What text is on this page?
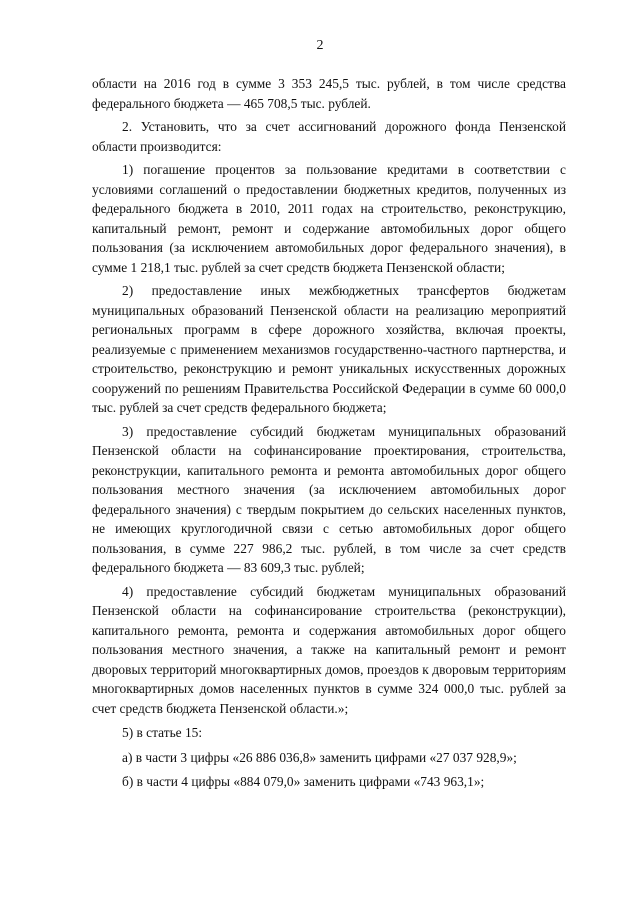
2

области на 2016 год в сумме 3 353 245,5 тыс. рублей, в том числе средства федерального бюджета — 465 708,5 тыс. рублей.

2. Установить, что за счет ассигнований дорожного фонда Пензенской области производится:

1) погашение процентов за пользование кредитами в соответствии с условиями соглашений о предоставлении бюджетных кредитов, полученных из федерального бюджета в 2010, 2011 годах на строительство, реконструкцию, капитальный ремонт, ремонт и содержание автомобильных дорог общего пользования (за исключением автомобильных дорог федерального значения), в сумме 1 218,1 тыс. рублей за счет средств бюджета Пензенской области;

2) предоставление иных межбюджетных трансфертов бюджетам муниципальных образований Пензенской области на реализацию мероприятий региональных программ в сфере дорожного хозяйства, включая проекты, реализуемые с применением механизмов государственно-частного партнерства, и строительство, реконструкцию и ремонт уникальных искусственных дорожных сооружений по решениям Правительства Российской Федерации в сумме 60 000,0 тыс. рублей за счет средств федерального бюджета;

3) предоставление субсидий бюджетам муниципальных образований Пензенской области на софинансирование проектирования, строительства, реконструкции, капитального ремонта и ремонта автомобильных дорог общего пользования местного значения (за исключением автомобильных дорог федерального значения) с твердым покрытием до сельских населенных пунктов, не имеющих круглогодичной связи с сетью автомобильных дорог общего пользования, в сумме 227 986,2 тыс. рублей, в том числе за счет средств федерального бюджета — 83 609,3 тыс. рублей;

4) предоставление субсидий бюджетам муниципальных образований Пензенской области на софинансирование строительства (реконструкции), капитального ремонта, ремонта и содержания автомобильных дорог общего пользования местного значения, а также на капитальный ремонт и ремонт дворовых территорий многоквартирных домов, проездов к дворовым территориям многоквартирных домов населенных пунктов в сумме 324 000,0 тыс. рублей за счет средств бюджета Пензенской области.»;

5) в статье 15:

а) в части 3 цифры «26 886 036,8» заменить цифрами «27 037 928,9»;

б) в части 4 цифры «884 079,0» заменить цифрами «743 963,1»;
